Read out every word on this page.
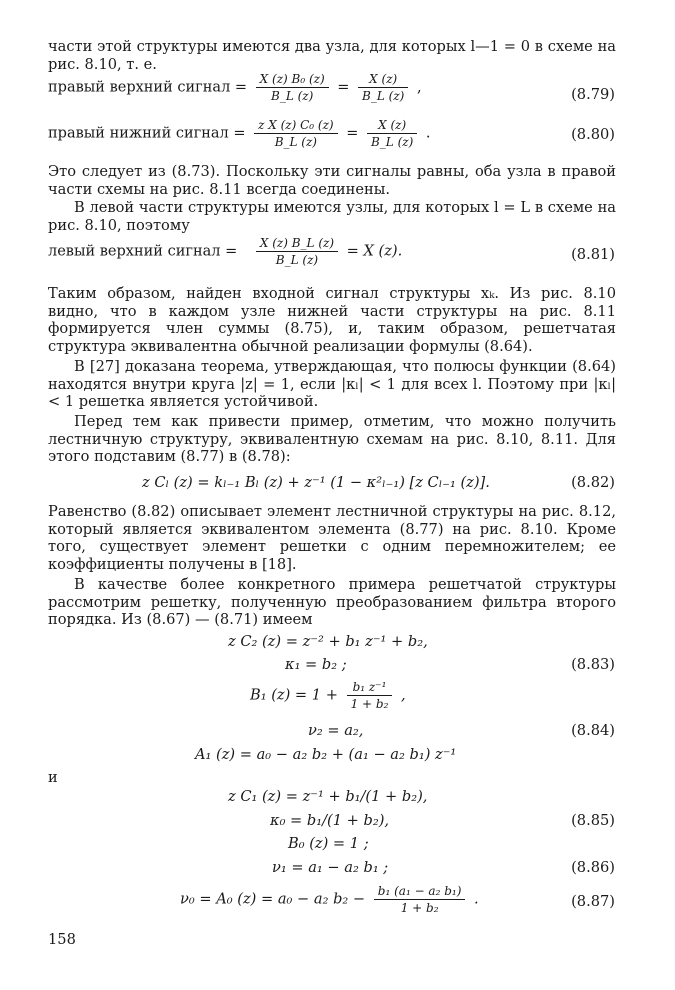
части этой структуры имеются два узла, для которых l—1 = 0 в схеме на рис. 8.10, т. е.
правый верхний сигнал = $\frac{\text{X (z) B₀ (z)}}{B\_L (z)} = \frac{X (z)}{B\_L (z)}$ ,	(8.79)
правый нижний сигнал = $\frac{\text{z X (z) C₀ (z)}}{B\_L (z)} = \frac{X (z)}{B\_L (z)}$ .	(8.80)
Это следует из (8.73). Поскольку эти сигналы равны, оба узла в правой части схемы на рис. 8.11 всегда соединены.
В левой части структуры имеются узлы, для которых l = L в схеме на рис. 8.10, поэтому
левый верхний сигнал = $\frac{X (z) B\_L (z)}{B\_L (z)} = X$ (z).	(8.81)
Таким образом, найден входной сигнал структуры xₖ. Из рис. 8.10 видно, что в каждом узле нижней части структуры на рис. 8.11 формируется член суммы (8.75), и, таким образом, решетчатая структура эквивалентна обычной реализации формулы (8.64).
В [27] доказана теорема, утверждающая, что полюсы функции (8.64) находятся внутри круга |z| = 1, если |κₗ| < 1 для всех l. Поэтому при |κₗ| < 1 решетка является устойчивой.
Перед тем как привести пример, отметим, что можно получить лестничную структуру, эквивалентную схемам на рис. 8.10, 8.11. Для этого подставим (8.77) в (8.78):
z Cₗ (z) = kₗ₋₁ Bₗ (z) + z⁻¹ (1 − κ²ₗ₋₁) [z Cₗ₋₁ (z)].	(8.82)
Равенство (8.82) описывает элемент лестничной структуры на рис. 8.12, который является эквивалентом элемента (8.77) на рис. 8.10. Кроме того, существует элемент решетки с одним перемножителем; ее коэффициенты получены в [18].
В качестве более конкретного примера решетчатой структуры рассмотрим решетку, полученную преобразованием фильтра второго порядка. Из (8.67) — (8.71) имеем
z C₂ (z) = z⁻² + b₁ z⁻¹ + b₂,
κ₁ = b₂ ;	(8.83)
B₁ $(z) = 1 + \frac{\text{b₁ z⁻¹}}{\text{1 + b₂}}$ ,
ν₂ = a₂,	(8.84)
A₁ (z) = a₀ − a₂ b₂ + (a₁ − a₂ b₁) z⁻¹
и
z C₁ (z) = z⁻¹ + b₁/(1 + b₂),
κ₀ = b₁/(1 + b₂),	(8.85)
B₀ (z) = 1 ;
ν₁ = a₁ − a₂ b₁ ;	(8.86)
ν₀ = A₀ (z) = a₀ − a₂ $b_2 - \frac{\text{b₁ (a₁ − a₂ b₁)}}{\text{1 + b₂}}$ .	(8.87)
158
